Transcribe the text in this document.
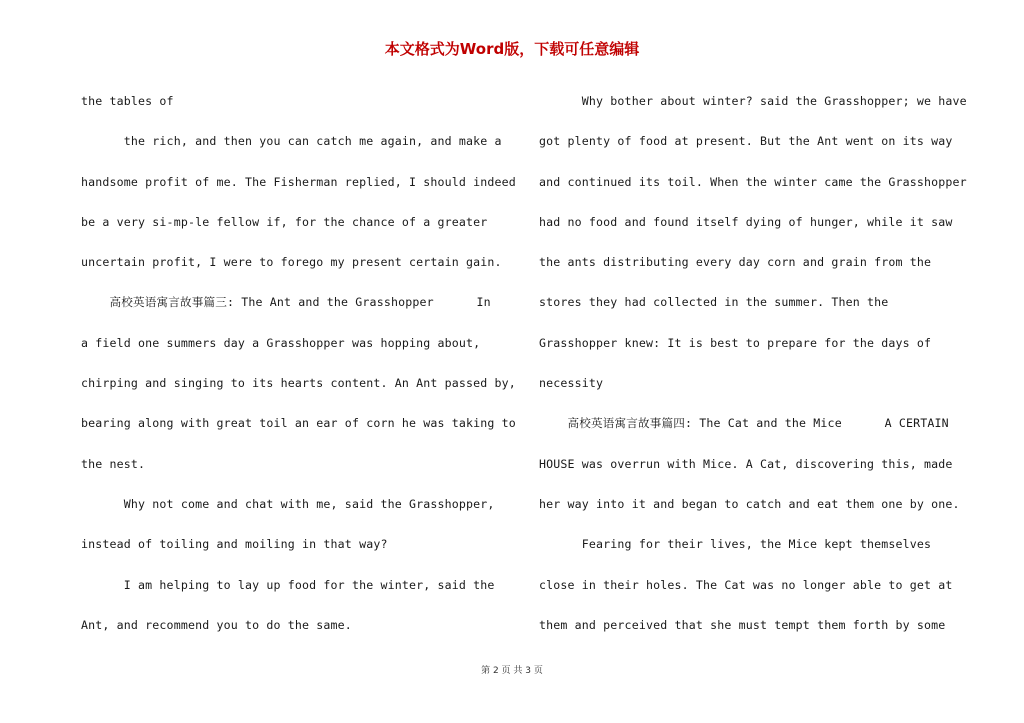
本文格式为Word版，下载可任意编辑
the tables of
the rich, and then you can catch me again, and make a
handsome profit of me. The Fisherman replied, I should indeed
be a very si-mp-le fellow if, for the chance of a greater
uncertain profit, I were to forego my present certain gain.
高校英语寓言故事篇三: The Ant and the Grasshopper      In
a field one summers day a Grasshopper was hopping about,
chirping and singing to its hearts content. An Ant passed by,
bearing along with great toil an ear of corn he was taking to
the nest.
Why not come and chat with me, said the Grasshopper,
instead of toiling and moiling in that way?
I am helping to lay up food for the winter, said the
Ant, and recommend you to do the same.
Why bother about winter? said the Grasshopper; we have
got plenty of food at present. But the Ant went on its way
and continued its toil. When the winter came the Grasshopper
had no food and found itself dying of hunger, while it saw
the ants distributing every day corn and grain from the
stores they had collected in the summer. Then the
Grasshopper knew: It is best to prepare for the days of
necessity
高校英语寓言故事篇四: The Cat and the Mice      A CERTAIN
HOUSE was overrun with Mice. A Cat, discovering this, made
her way into it and began to catch and eat them one by one.
Fearing for their lives, the Mice kept themselves
close in their holes. The Cat was no longer able to get at
them and perceived that she must tempt them forth by some
第 2 页 共 3 页
